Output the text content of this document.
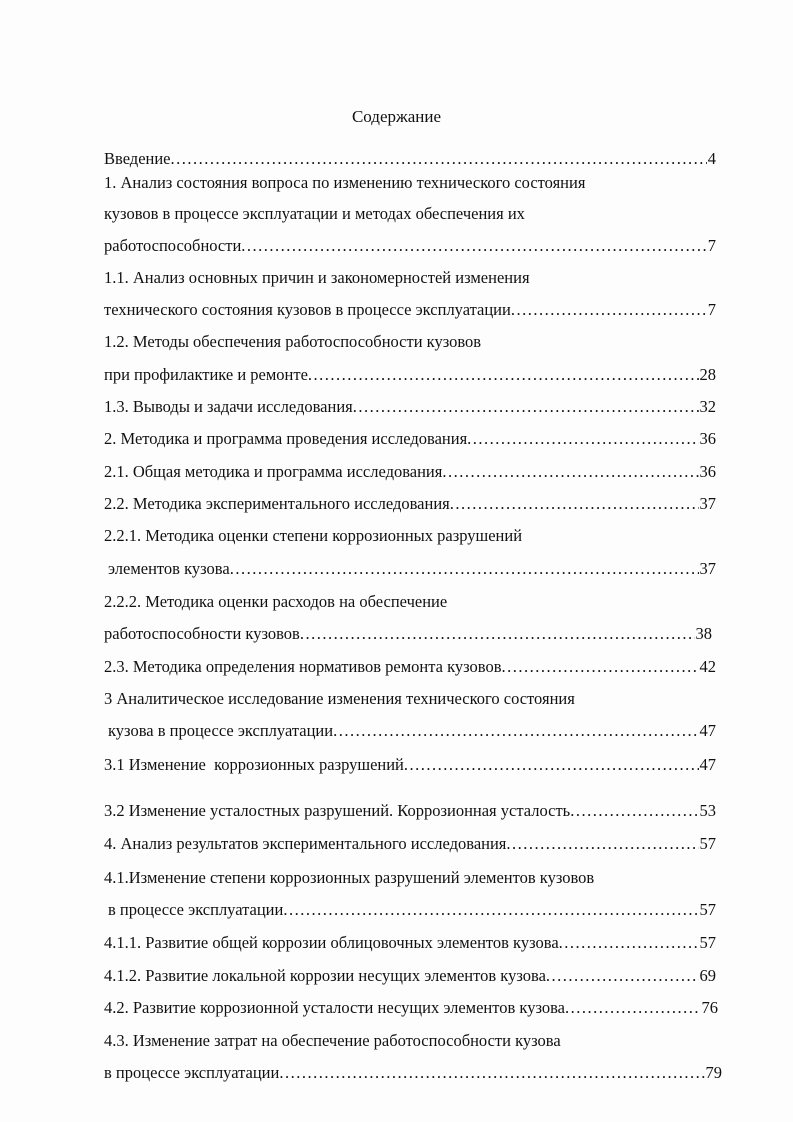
Содержание
Введение .....	4
1. Анализ состояния вопроса по изменению технического состояния
кузовов в процессе эксплуатации и методах обеспечения их
работоспособности .....	7
1.1. Анализ основных причин и закономерностей изменения
технического состояния кузовов в процессе эксплуатации .....	7
1.2. Методы обеспечения работоспособности кузовов
при профилактике и ремонте .....	28
1.3. Выводы и задачи исследования .....	32
2. Методика и программа проведения исследования .....	36
2.1. Общая методика и программа исследования .....	36
2.2. Методика экспериментального исследования .....	37
2.2.1. Методика оценки степени коррозионных разрушений
элементов кузова .....	37
2.2.2. Методика оценки расходов на обеспечение
работоспособности кузовов .....	38
2.3. Методика определения нормативов ремонта кузовов .....	42
3 Аналитическое исследование изменения технического состояния
кузова в процессе эксплуатации .....	47
3.1 Изменение  коррозионных разрушений .....	47
3.2 Изменение усталостных разрушений. Коррозионная усталость .....	53
4. Анализ результатов экспериментального исследования .....	57
4.1.Изменение степени коррозионных разрушений элементов кузовов
в процессе эксплуатации .....	57
4.1.1. Развитие общей коррозии облицовочных элементов кузова .....	57
4.1.2. Развитие локальной коррозии несущих элементов кузова .....	69
4.2. Развитие коррозионной усталости несущих элементов кузова .....	76
4.3. Изменение затрат на обеспечение работоспособности кузова
в процессе эксплуатации .....	79
